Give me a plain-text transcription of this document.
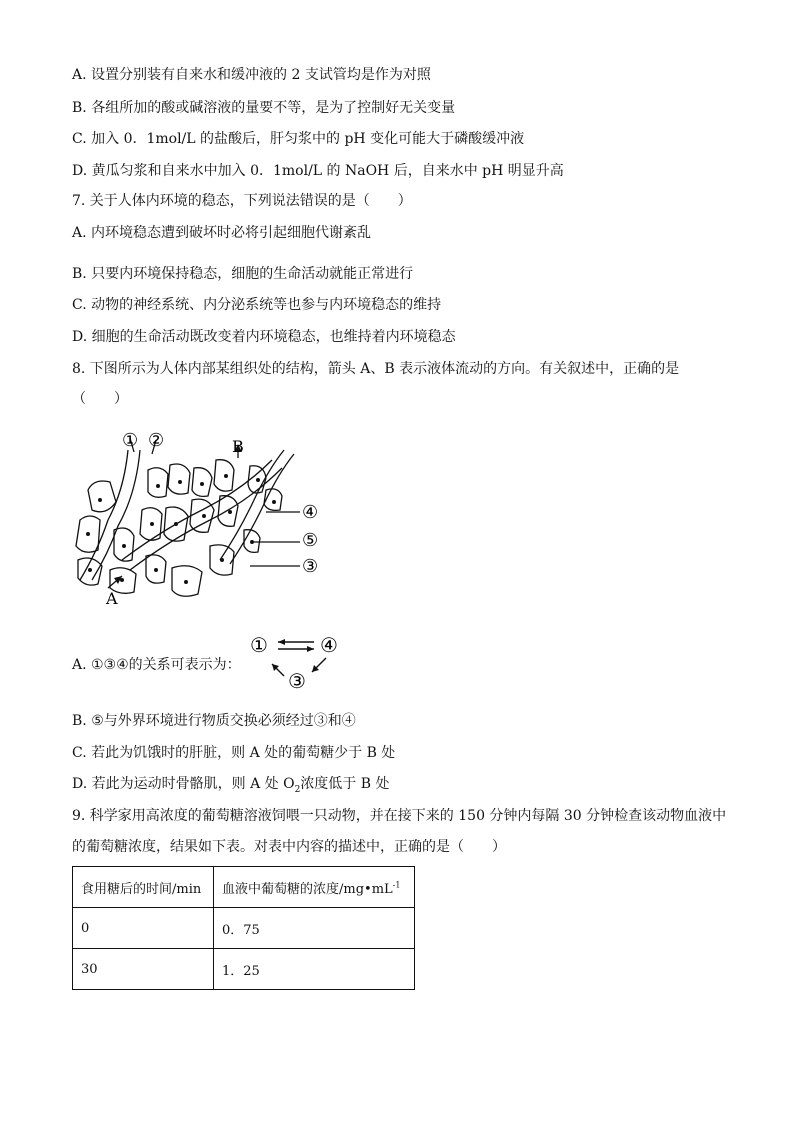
A. 设置分别装有自来水和缓冲液的 2 支试管均是作为对照
B. 各组所加的酸或碱溶液的量要不等，是为了控制好无关变量
C. 加入 0．1mol/L 的盐酸后，肝匀浆中的 pH 变化可能大于磷酸缓冲液
D. 黄瓜匀浆和自来水中加入 0．1mol/L 的 NaOH 后，自来水中 pH 明显升高
7. 关于人体内环境的稳态，下列说法错误的是（　　）
A. 内环境稳态遭到破坏时必将引起细胞代谢紊乱
B. 只要内环境保持稳态，细胞的生命活动就能正常进行
C. 动物的神经系统、内分泌系统等也参与内环境稳态的维持
D. 细胞的生命活动既改变着内环境稳态，也维持着内环境稳态
8. 下图所示为人体内部某组织处的结构，箭头 A、B 表示液体流动的方向。有关叙述中，正确的是
（　　）
① ②	B
④
⑤
③
A
A. ①③④的关系可表示为：
①	④
③
B. ⑤与外界环境进行物质交换必须经过③和④
C. 若此为饥饿时的肝脏，则 A 处的葡萄糖少于 B 处
D. 若此为运动时骨骼肌，则 A 处 $O_2$浓度低于 B 处
9. 科学家用高浓度的葡萄糖溶液饲喂一只动物，并在接下来的 150 分钟内每隔 30 分钟检查该动物血液中
的葡萄糖浓度，结果如下表。对表中内容的描述中，正确的是（　　）
食用糖后的时间/min	血液中葡萄糖的浓度$/mg•mL^{-1}$
0	0．75
30	1．25
